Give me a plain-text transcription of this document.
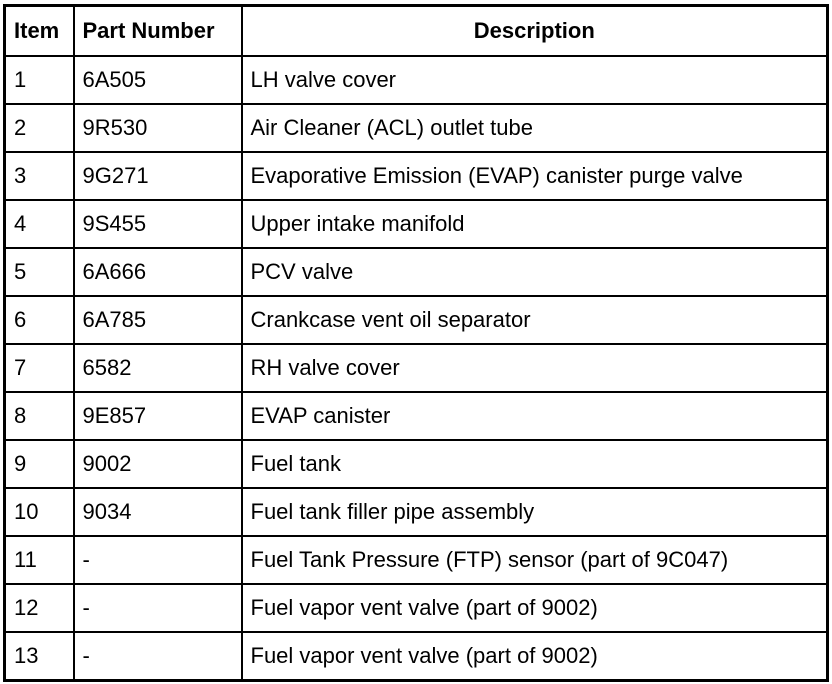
Item	Part Number	Description
1	6A505	LH valve cover
2	9R530	Air Cleaner (ACL) outlet tube
3	9G271	Evaporative Emission (EVAP) canister purge valve
4	9S455	Upper intake manifold
5	6A666	PCV valve
6	6A785	Crankcase vent oil separator
7	6582	RH valve cover
8	9E857	EVAP canister
9	9002	Fuel tank
10	9034	Fuel tank filler pipe assembly
11	-	Fuel Tank Pressure (FTP) sensor (part of 9C047)
12	-	Fuel vapor vent valve (part of 9002)
13	-	Fuel vapor vent valve (part of 9002)
